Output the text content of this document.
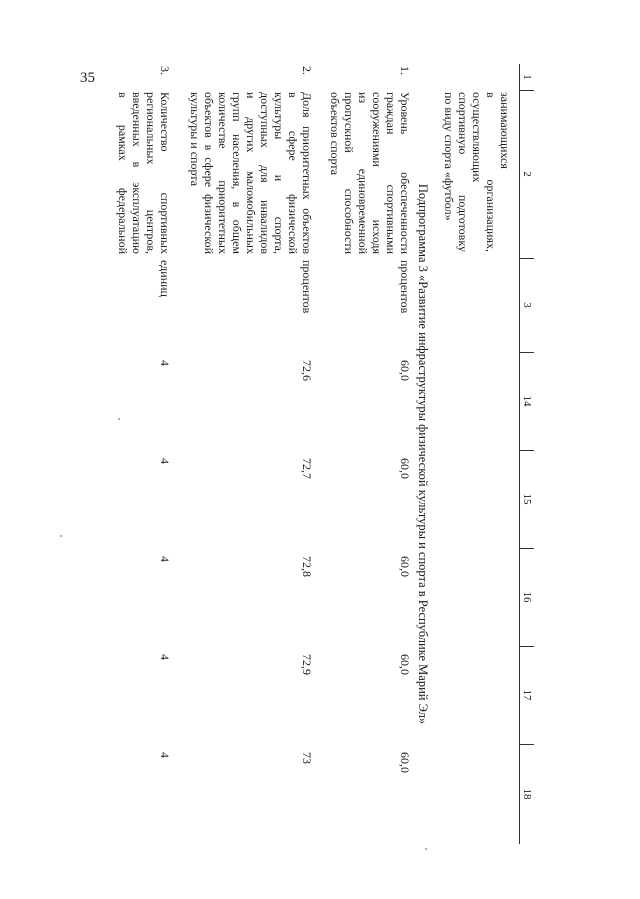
35	1
2
3
14
15
16
17
18
занимающихся
в организациях,
осуществляющих
спортивную подготовку
по виду спорта «футбол»
Подпрограмма 3 «Развитие инфраструктуры физической культуры и спорта в Республике Марий Эл»
1.
Уровень обеспеченности
граждан спортивными
сооружениями исходя
из единовременной
пропускной способности
объектов спорта
процентов
60,0
60,0
60,0
60,0
60,0
2.
Доля приоритетных объектов
в сфере физической
культуры и спорта,
доступных для инвалидов
и других маломобильных
групп населения, в общем
количестве приоритетных
объектов в сфере физической
культуры и спорта
процентов
72,6
72,7
72,8
72,9
73
3.
Количество спортивных
региональных центров,
введенных в эксплуатацию
в рамках федеральной
единиц
4
4
4
4
4
